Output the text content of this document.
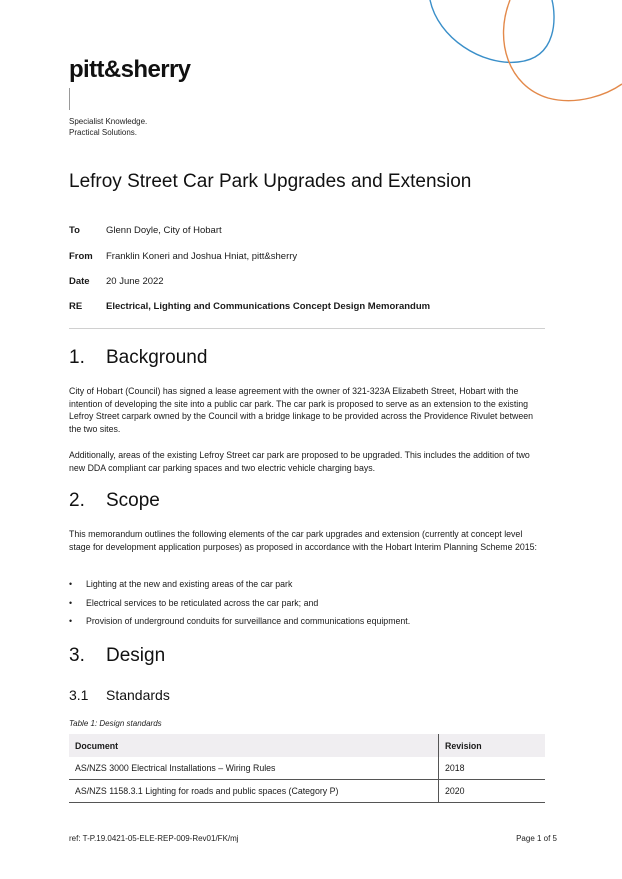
pitt&sherry
Specialist Knowledge.
Practical Solutions.
Lefroy Street Car Park Upgrades and Extension
To	Glenn Doyle, City of Hobart
From Franklin Koneri and Joshua Hniat, pitt&sherry
Date 20 June 2022
RE	Electrical, Lighting and Communications Concept Design Memorandum
1. Background
City of Hobart (Council) has signed a lease agreement with the owner of 321-323A Elizabeth Street, Hobart with the intention of developing the site into a public car park. The car park is proposed to serve as an extension to the existing Lefroy Street carpark owned by the Council with a bridge linkage to be provided across the Providence Rivulet between the two sites.
Additionally, areas of the existing Lefroy Street car park are proposed to be upgraded. This includes the addition of two new DDA compliant car parking spaces and two electric vehicle charging bays.
2. Scope
This memorandum outlines the following elements of the car park upgrades and extension (currently at concept level stage for development application purposes) as proposed in accordance with the Hobart Interim Planning Scheme 2015:
• Lighting at the new and existing areas of the car park
• Electrical services to be reticulated across the car park; and
• Provision of underground conduits for surveillance and communications equipment.
3. Design
3.1 Standards
Table 1: Design standards
Document	Revision
AS/NZS 3000 Electrical Installations – Wiring Rules	2018
AS/NZS 1158.3.1 Lighting for roads and public spaces (Category P)	2020
ref: T-P.19.0421-05-ELE-REP-009-Rev01/FK/mj	Page 1 of 5
